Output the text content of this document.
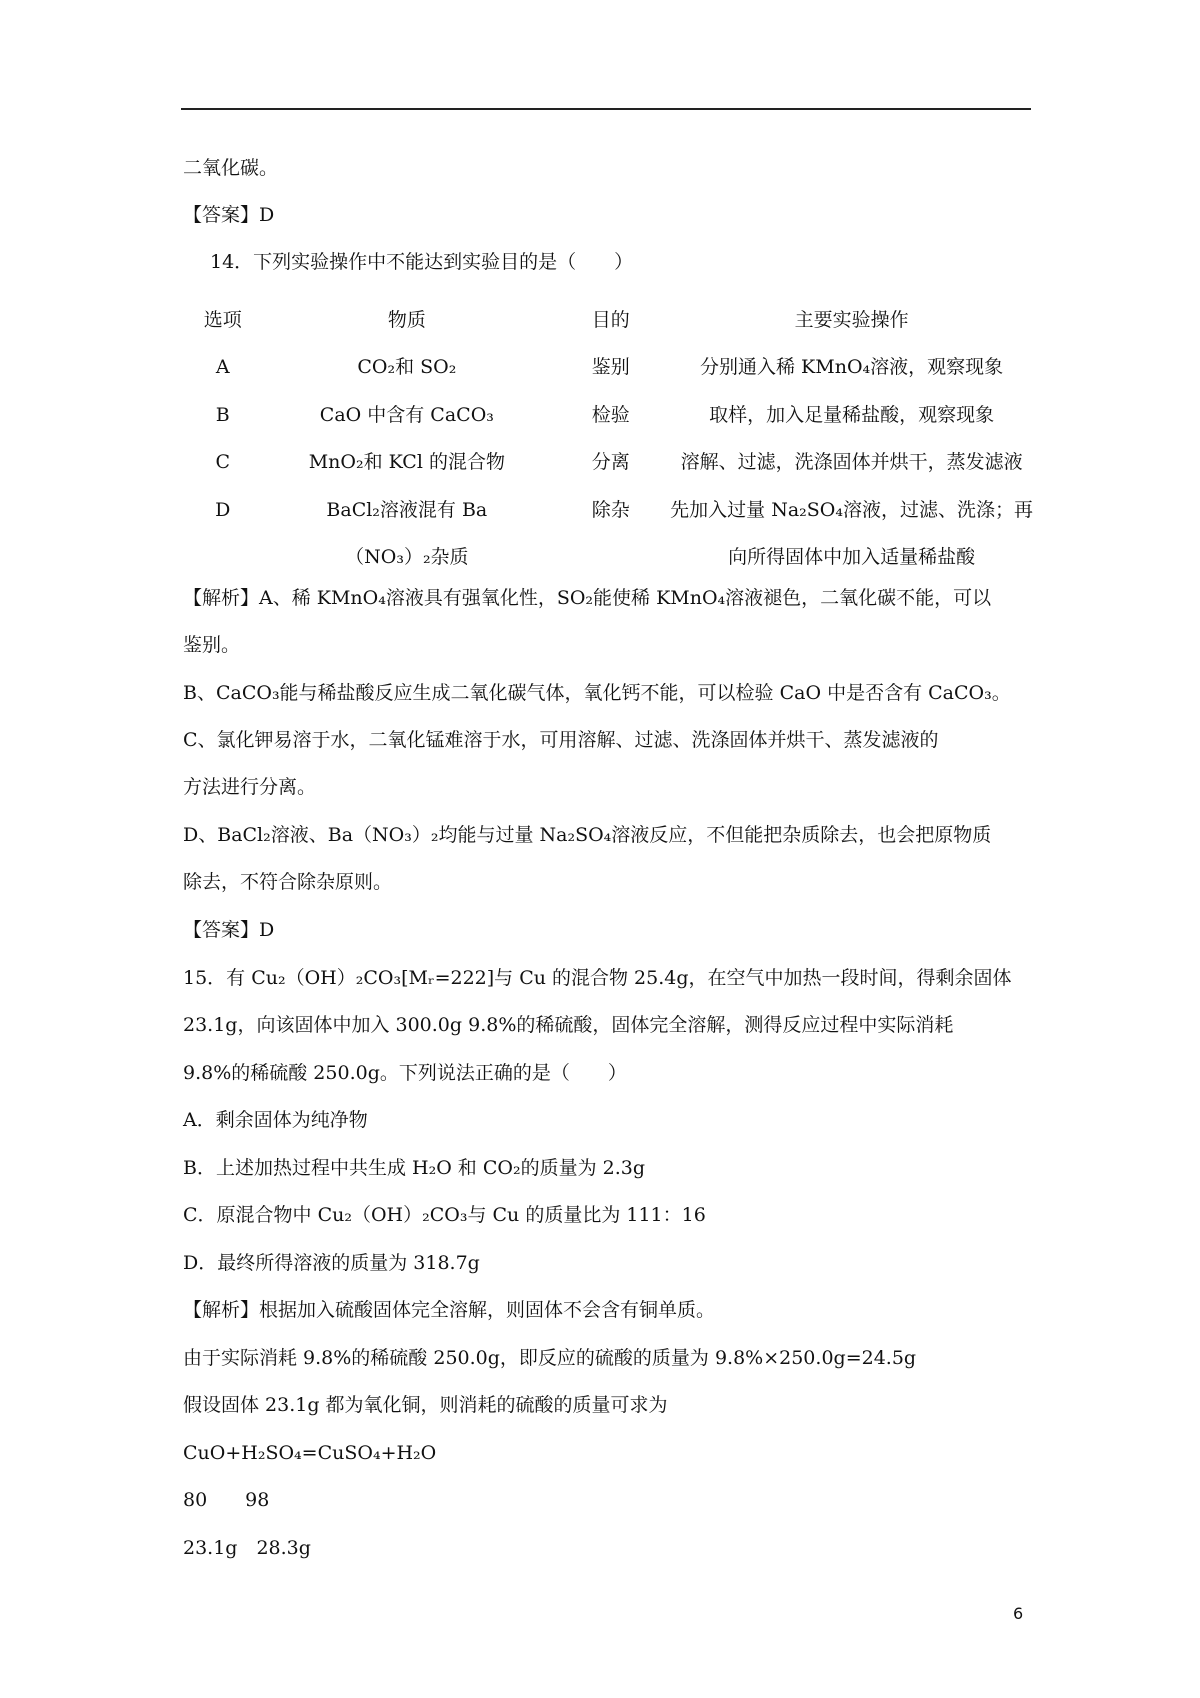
二氧化碳。
【答案】D
14．下列实验操作中不能达到实验目的是（　　）
选项	物质	目的	主要实验操作
A	CO₂和 SO₂	鉴别	分别通入稀 KMnO₄溶液，观察现象
B	CaO 中含有 CaCO₃	检验	取样，加入足量稀盐酸，观察现象
C	MnO₂和 KCl 的混合物	分离	溶解、过滤，洗涤固体并烘干，蒸发滤液
D	BaCl₂溶液混有 Ba	除杂	先加入过量 Na₂SO₄溶液，过滤、洗涤；再
	（NO₃）₂杂质		向所得固体中加入适量稀盐酸
【解析】A、稀 KMnO₄溶液具有强氧化性，SO₂能使稀 KMnO₄溶液褪色，二氧化碳不能，可以
鉴别。
B、CaCO₃能与稀盐酸反应生成二氧化碳气体，氧化钙不能，可以检验 CaO 中是否含有 CaCO₃。
C、氯化钾易溶于水，二氧化锰难溶于水，可用溶解、过滤、洗涤固体并烘干、蒸发滤液的
方法进行分离。
D、BaCl₂溶液、Ba（NO₃）₂均能与过量 Na₂SO₄溶液反应，不但能把杂质除去，也会把原物质
除去，不符合除杂原则。
【答案】D
15．有 Cu₂（OH）₂CO₃[Mᵣ=222]与 Cu 的混合物 25.4g，在空气中加热一段时间，得剩余固体
23.1g，向该固体中加入 300.0g 9.8%的稀硫酸，固体完全溶解，测得反应过程中实际消耗
9.8%的稀硫酸 250.0g。下列说法正确的是（　　）
A．剩余固体为纯净物
B．上述加热过程中共生成 H₂O 和 CO₂的质量为 2.3g
C．原混合物中 Cu₂（OH）₂CO₃与 Cu 的质量比为 111：16
D．最终所得溶液的质量为 318.7g
【解析】根据加入硫酸固体完全溶解，则固体不会含有铜单质。
由于实际消耗 9.8%的稀硫酸 250.0g，即反应的硫酸的质量为 9.8%×250.0g=24.5g
假设固体 23.1g 都为氧化铜，则消耗的硫酸的质量可求为
CuO+H₂SO₄=CuSO₄+H₂O
80　　98
23.1g　28.3g
6
